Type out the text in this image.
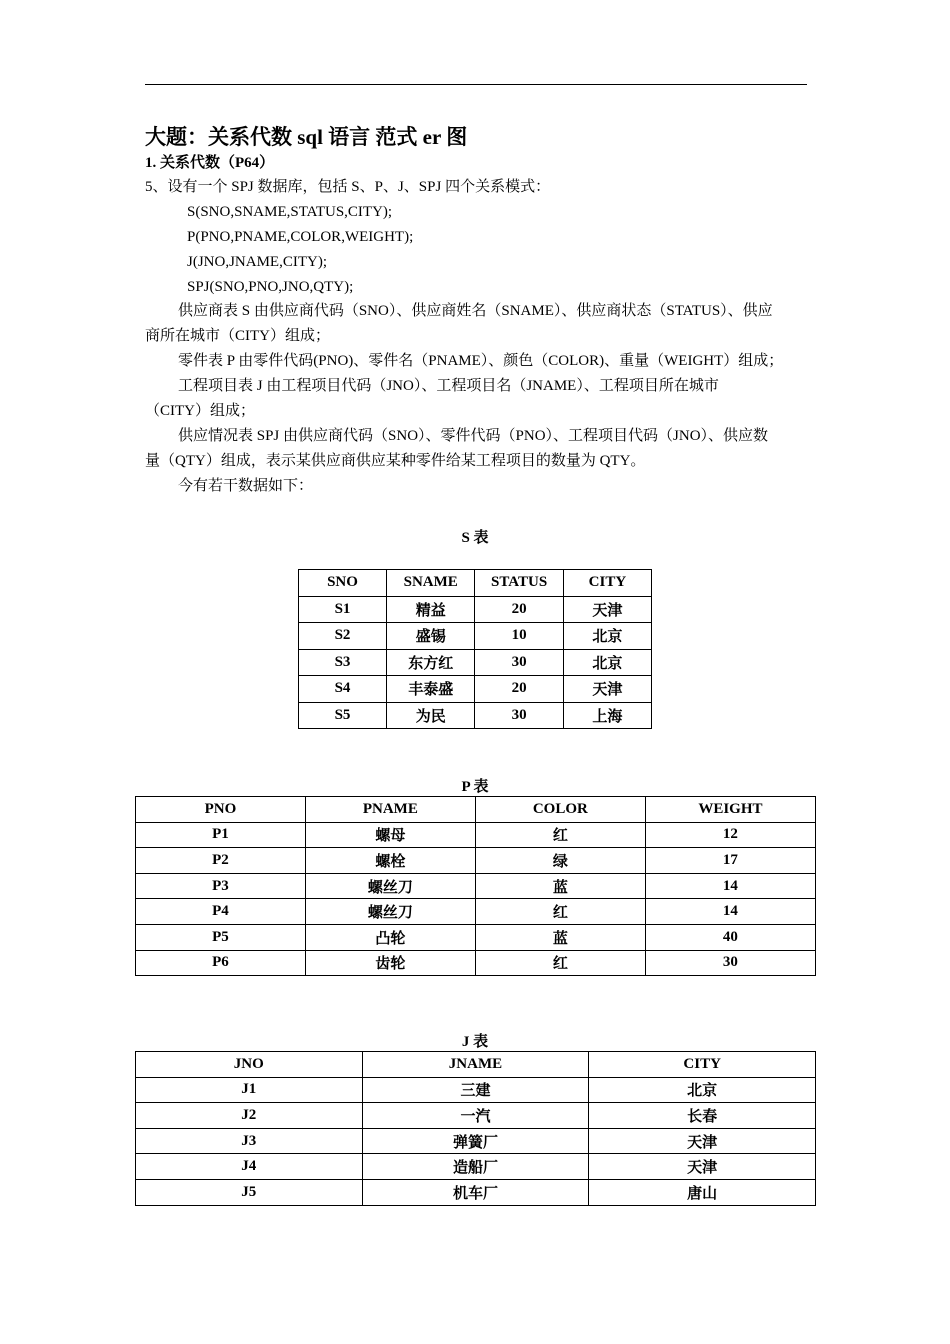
大题：关系代数 sql 语言 范式 er 图
1. 关系代数（P64）
5、设有一个 SPJ 数据库，包括 S、P、J、SPJ 四个关系模式：
S(SNO,SNAME,STATUS,CITY);
P(PNO,PNAME,COLOR,WEIGHT);
J(JNO,JNAME,CITY);
SPJ(SNO,PNO,JNO,QTY);
供应商表 S 由供应商代码（SNO）、供应商姓名（SNAME）、供应商状态（STATUS）、供应
商所在城市（CITY）组成；
零件表 P 由零件代码(PNO)、零件名（PNAME）、颜色（COLOR)、重量（WEIGHT）组成；
工程项目表 J 由工程项目代码（JNO）、工程项目名（JNAME）、工程项目所在城市
（CITY）组成；
供应情况表 SPJ 由供应商代码（SNO）、零件代码（PNO）、工程项目代码（JNO）、供应数
量（QTY）组成，表示某供应商供应某种零件给某工程项目的数量为 QTY。
今有若干数据如下：
S 表
SNO	SNAME	STATUS	CITY
S1	精益	20	天津
S2	盛锡	10	北京
S3	东方红	30	北京
S4	丰泰盛	20	天津
S5	为民	30	上海
P 表
PNO	PNAME	COLOR	WEIGHT
P1	螺母	红	12
P2	螺栓	绿	17
P3	螺丝刀	蓝	14
P4	螺丝刀	红	14
P5	凸轮	蓝	40
P6	齿轮	红	30
J 表
JNO	JNAME	CITY
J1	三建	北京
J2	一汽	长春
J3	弹簧厂	天津
J4	造船厂	天津
J5	机车厂	唐山
